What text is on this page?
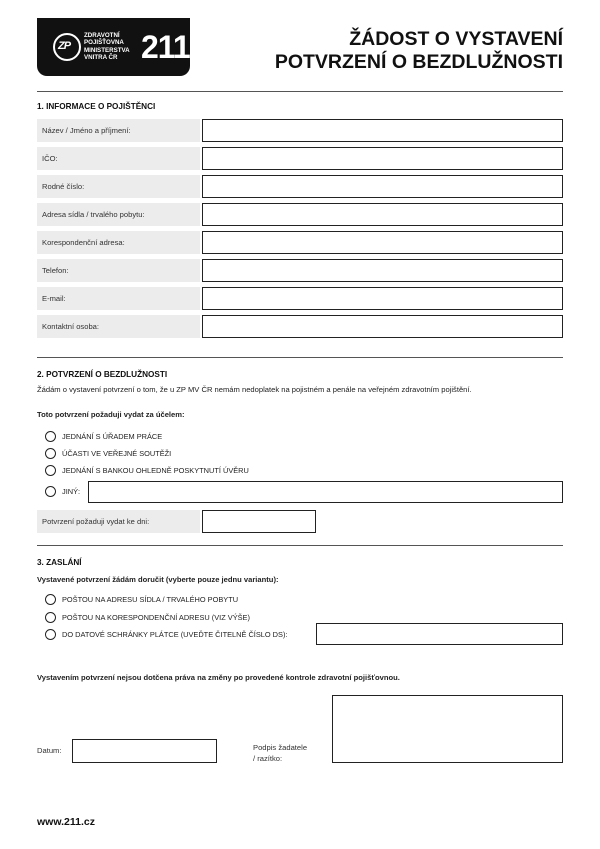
ZP
ZDRAVOTNÍ
POJIŠŤOVNA
MINISTERSTVA
VNITRA ČR 211	ŽÁDOST O VYSTAVENÍ
POTVRZENÍ O BEZDLUŽNOSTI
1. INFORMACE O POJIŠTĚNCI
Název / Jméno a příjmení:
IČO:
Rodné číslo:
Adresa sídla / trvalého pobytu:
Korespondenční adresa:
Telefon:
E-mail:
Kontaktní osoba:
2. POTVRZENÍ O BEZDLUŽNOSTI
Žádám o vystavení potvrzení o tom, že u ZP MV ČR nemám nedoplatek na pojistném a penále na veřejném zdravotním pojištění.
Toto potvrzení požaduji vydat za účelem:
JEDNÁNÍ S ÚŘADEM PRÁCE
ÚČASTI VE VEŘEJNÉ SOUTĚŽI
JEDNÁNÍ S BANKOU OHLEDNĚ POSKYTNUTÍ ÚVĚRU
JINÝ:
Potvrzení požaduji vydat ke dni:
3. ZASLÁNÍ
Vystavené potvrzení žádám doručit (vyberte pouze jednu variantu):
POŠTOU NA ADRESU SÍDLA / TRVALÉHO POBYTU
POŠTOU NA KORESPONDENČNÍ ADRESU (VIZ VÝŠE)
DO DATOVÉ SCHRÁNKY PLÁTCE (UVEĎTE ČITELNĚ ČÍSLO DS):
Vystavením potvrzení nejsou dotčena práva na změny po provedené kontrole zdravotní pojišťovnou.
Datum:	Podpis žadatele
/ razítko:
www.211.cz
